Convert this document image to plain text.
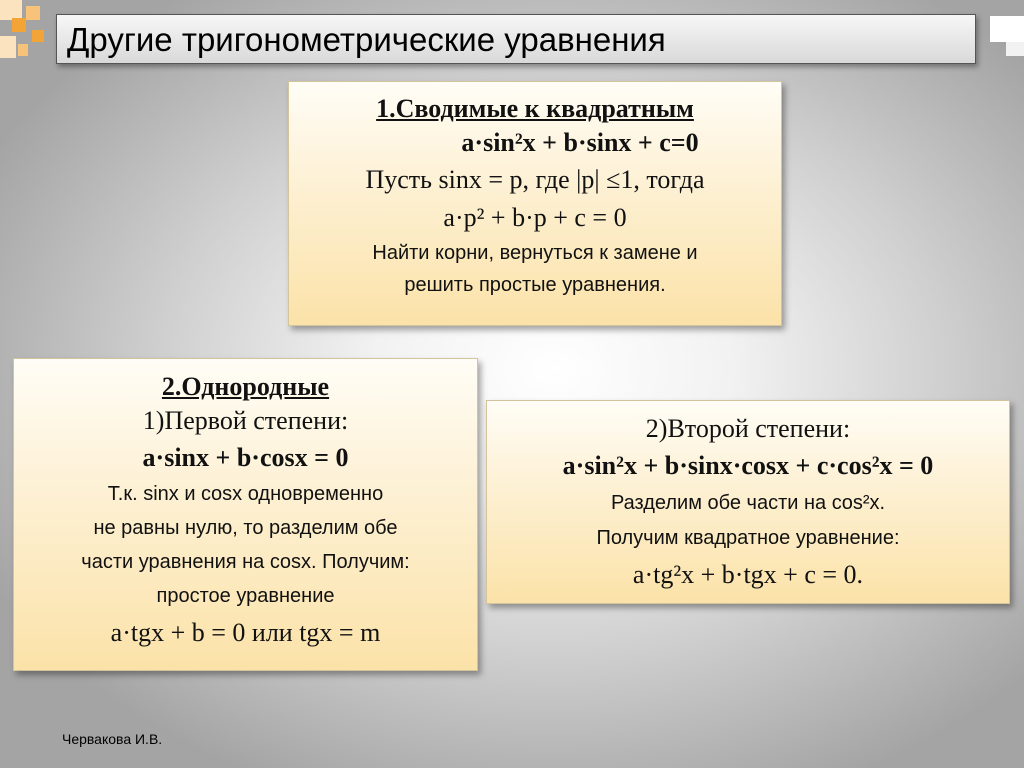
Другие тригонометрические уравнения
1.Сводимые к квадратным
a·sin²x + b·sinx + c=0
Пусть sinx = p, где |p| ≤1, тогда
a·p² + b·p + c = 0
Найти корни, вернуться к замене и
решить простые уравнения.
2.Однородные
1)Первой степени:
a·sinx + b·cosx = 0
Т.к. sinx и cosx одновременно
не равны нулю, то разделим обе
части уравнения на cosx. Получим:
простое уравнение
a·tgx + b = 0 или tgx = m
2)Второй степени:
a·sin²x + b·sinx·cosx + c·cos²x = 0
Разделим обе части на cos²x.
Получим квадратное уравнение:
a·tg²x + b·tgx + c = 0.
Червакова И.В.
